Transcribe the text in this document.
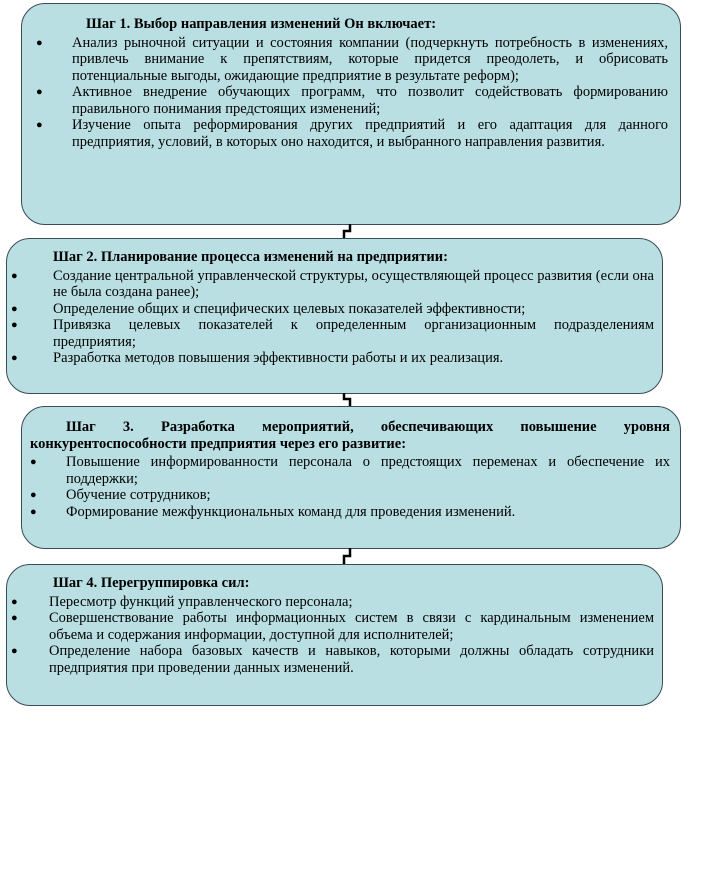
Шаг 1. Выбор направления изменений Он включает:
● Анализ рыночной ситуации и состояния компании (подчеркнуть потребность в изменениях, привлечь внимание к препятствиям, которые придется преодолеть, и обрисовать потенциальные выгоды, ожидающие предприятие в результате реформ);
● Активное внедрение обучающих программ, что позволит содействовать формированию правильного понимания предстоящих изменений;
● Изучение опыта реформирования других предприятий и его адаптация для данного предприятия, условий, в которых оно находится, и выбранного направления развития.
Шаг 2. Планирование процесса изменений на предприятии:
● Создание центральной управленческой структуры, осуществляющей процесс развития (если она не была создана ранее);
● Определение общих и специфических целевых показателей эффективности;
● Привязка целевых показателей к определенным организационным подразделениям предприятия;
● Разработка методов повышения эффективности работы и их реализация.
Шаг 3. Разработка мероприятий, обеспечивающих повышение уровня конкурентоспособности предприятия через его развитие:
● Повышение информированности персонала о предстоящих переменах и обеспечение их поддержки;
● Обучение сотрудников;
● Формирование межфункциональных команд для проведения изменений.
Шаг 4. Перегруппировка сил:
● Пересмотр функций управленческого персонала;
● Совершенствование работы информационных систем в связи с кардинальным изменением объема и содержания информации, доступной для исполнителей;
● Определение набора базовых качеств и навыков, которыми должны обладать сотрудники предприятия при проведении данных изменений.
